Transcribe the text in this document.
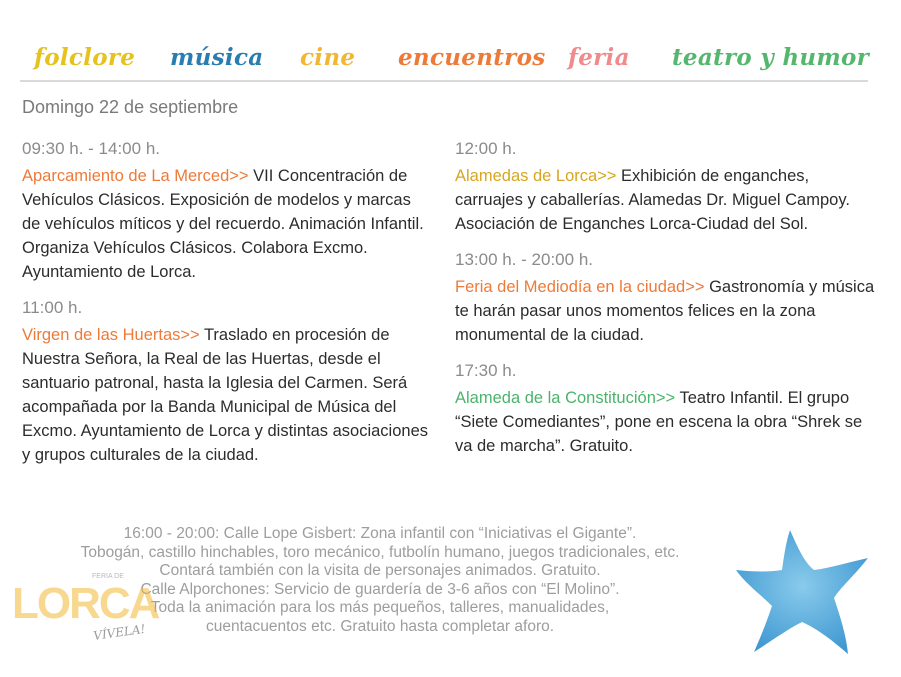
folclore música cine encuentros feria teatro y humor
Domingo 22 de septiembre

09:30 h. - 14:00 h.

Aparcamiento de La Merced>> VII Concentración de Vehículos Clásicos. Exposición de modelos y marcas de vehículos míticos y del recuerdo. Animación Infantil. Organiza Vehículos Clásicos. Colabora Excmo. Ayuntamiento de Lorca.

11:00 h.

Virgen de las Huertas>> Traslado en procesión de Nuestra Señora, la Real de las Huertas, desde el santuario patronal, hasta la Iglesia del Carmen. Será acompañada por la Banda Municipal de Música del Excmo. Ayuntamiento de Lorca y distintas asociaciones y grupos culturales de la ciudad.

12:00 h.

Alamedas de Lorca>> Exhibición de enganches, carruajes y caballerías. Alamedas Dr. Miguel Campoy. Asociación de Enganches Lorca-Ciudad del Sol.

13:00 h. - 20:00 h.

Feria del Mediodía en la ciudad>> Gastronomía y música te harán pasar unos momentos felices en la zona monumental de la ciudad.

17:30 h.

Alameda de la Constitución>> Teatro Infantil. El grupo “Siete Comediantes”, pone en escena la obra “Shrek se va de marcha”. Gratuito.

16:00 - 20:00: Calle Lope Gisbert: Zona infantil con “Iniciativas el Gigante”.

Tobogán, castillo hinchables, toro mecánico, futbolín humano, juegos tradicionales, etc.

Contará también con la visita de personajes animados. Gratuito.

Calle Alporchones: Servicio de guardería de 3-6 años con “El Molino”.

Toda la animación para los más pequeños, talleres, manualidades,

cuentacuentos etc. Gratuito hasta completar aforo.

FERIA DE
LORCA
VÍVELA!
